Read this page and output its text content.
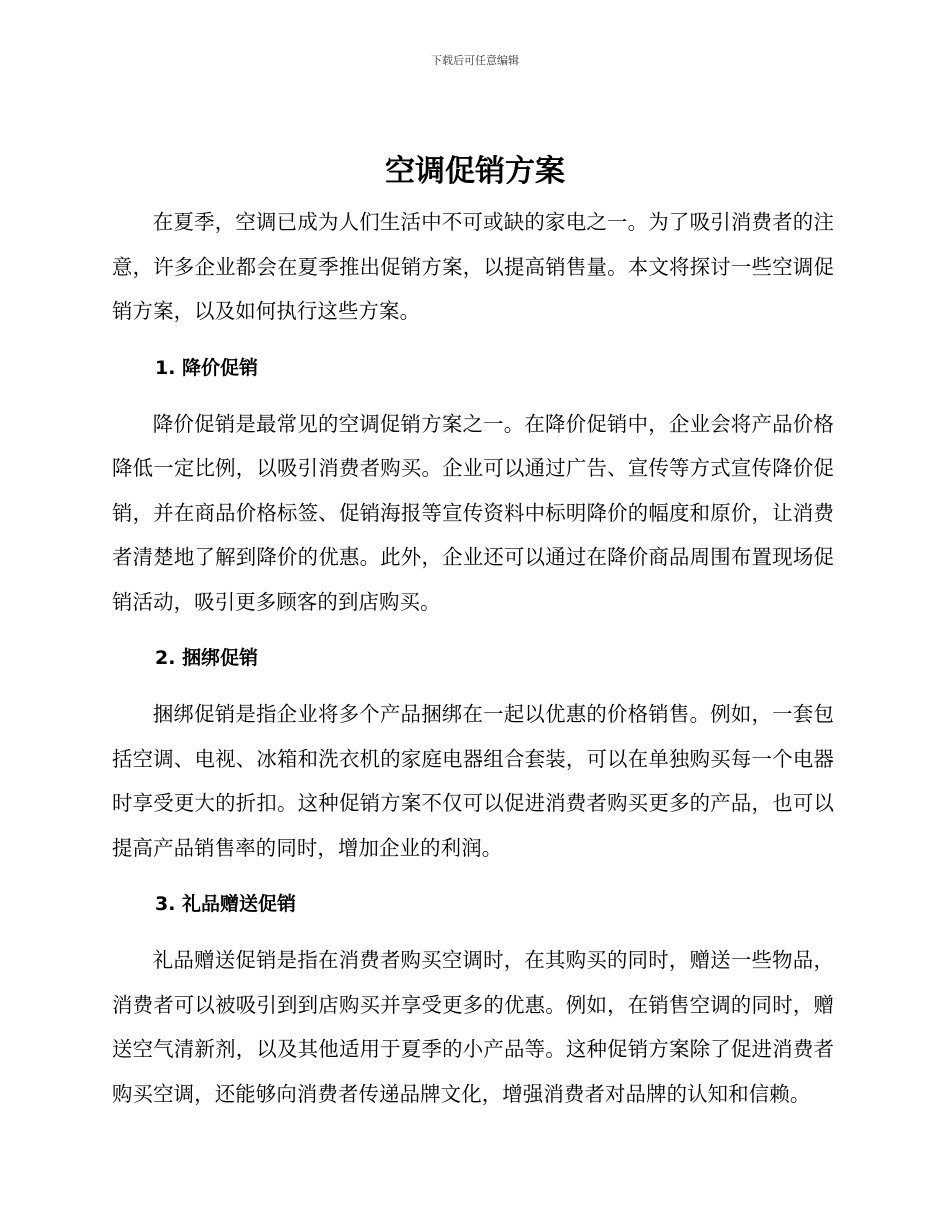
下载后可任意编辑
空调促销方案

在夏季，空调已成为人们生活中不可或缺的家电之一。为了吸引消费者的注意，许多企业都会在夏季推出促销方案，以提高销售量。本文将探讨一些空调促销方案，以及如何执行这些方案。

1. 降价促销

降价促销是最常见的空调促销方案之一。在降价促销中，企业会将产品价格降低一定比例，以吸引消费者购买。企业可以通过广告、宣传等方式宣传降价促销，并在商品价格标签、促销海报等宣传资料中标明降价的幅度和原价，让消费者清楚地了解到降价的优惠。此外，企业还可以通过在降价商品周围布置现场促销活动，吸引更多顾客的到店购买。

2. 捆绑促销

捆绑促销是指企业将多个产品捆绑在一起以优惠的价格销售。例如，一套包括空调、电视、冰箱和洗衣机的家庭电器组合套装，可以在单独购买每一个电器时享受更大的折扣。这种促销方案不仅可以促进消费者购买更多的产品，也可以提高产品销售率的同时，增加企业的利润。

3. 礼品赠送促销

礼品赠送促销是指在消费者购买空调时，在其购买的同时，赠送一些物品，消费者可以被吸引到到店购买并享受更多的优惠。例如，在销售空调的同时，赠送空气清新剂，以及其他适用于夏季的小产品等。这种促销方案除了促进消费者购买空调，还能够向消费者传递品牌文化，增强消费者对品牌的认知和信赖。
